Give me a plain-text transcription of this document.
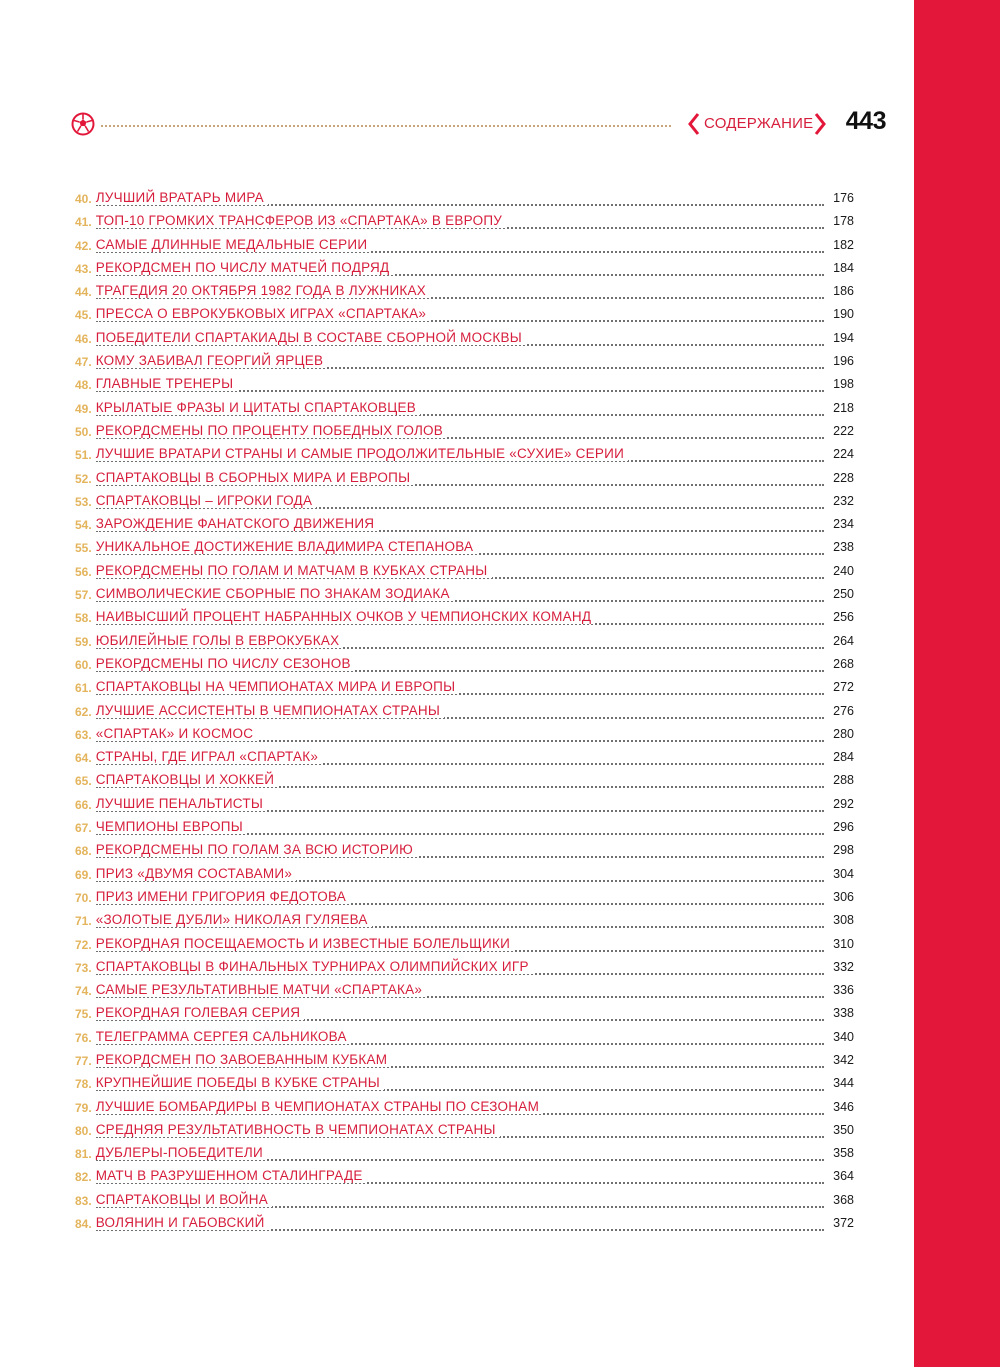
СОДЕРЖАНИЕ 443
40. ЛУЧШИЙ ВРАТАРЬ МИРА	176
41. ТОП-10 ГРОМКИХ ТРАНСФЕРОВ ИЗ «СПАРТАКА» В ЕВРОПУ	178
42. САМЫЕ ДЛИННЫЕ МЕДАЛЬНЫЕ СЕРИИ	182
43. РЕКОРДСМЕН ПО ЧИСЛУ МАТЧЕЙ ПОДРЯД	184
44. ТРАГЕДИЯ 20 ОКТЯБРЯ 1982 ГОДА В ЛУЖНИКАХ	186
45. ПРЕССА О ЕВРОКУБКОВЫХ ИГРАХ «СПАРТАКА»	190
46. ПОБЕДИТЕЛИ СПАРТАКИАДЫ В СОСТАВЕ СБОРНОЙ МОСКВЫ	194
47. КОМУ ЗАБИВАЛ ГЕОРГИЙ ЯРЦЕВ	196
48. ГЛАВНЫЕ ТРЕНЕРЫ	198
49. КРЫЛАТЫЕ ФРАЗЫ И ЦИТАТЫ СПАРТАКОВЦЕВ	218
50. РЕКОРДСМЕНЫ ПО ПРОЦЕНТУ ПОБЕДНЫХ ГОЛОВ	222
51. ЛУЧШИЕ ВРАТАРИ СТРАНЫ И САМЫЕ ПРОДОЛЖИТЕЛЬНЫЕ «СУХИЕ» СЕРИИ	224
52. СПАРТАКОВЦЫ В СБОРНЫХ МИРА И ЕВРОПЫ	228
53. СПАРТАКОВЦЫ – ИГРОКИ ГОДА	232
54. ЗАРОЖДЕНИЕ ФАНАТСКОГО ДВИЖЕНИЯ	234
55. УНИКАЛЬНОЕ ДОСТИЖЕНИЕ ВЛАДИМИРА СТЕПАНОВА	238
56. РЕКОРДСМЕНЫ ПО ГОЛАМ И МАТЧАМ В КУБКАХ СТРАНЫ	240
57. СИМВОЛИЧЕСКИЕ СБОРНЫЕ ПО ЗНАКАМ ЗОДИАКА	250
58. НАИВЫСШИЙ ПРОЦЕНТ НАБРАННЫХ ОЧКОВ У ЧЕМПИОНСКИХ КОМАНД	256
59. ЮБИЛЕЙНЫЕ ГОЛЫ В ЕВРОКУБКАХ	264
60. РЕКОРДСМЕНЫ ПО ЧИСЛУ СЕЗОНОВ	268
61. СПАРТАКОВЦЫ НА ЧЕМПИОНАТАХ МИРА И ЕВРОПЫ	272
62. ЛУЧШИЕ АССИСТЕНТЫ В ЧЕМПИОНАТАХ СТРАНЫ	276
63. «СПАРТАК» И КОСМОС	280
64. СТРАНЫ, ГДЕ ИГРАЛ «СПАРТАК»	284
65. СПАРТАКОВЦЫ И ХОККЕЙ	288
66. ЛУЧШИЕ ПЕНАЛЬТИСТЫ	292
67. ЧЕМПИОНЫ ЕВРОПЫ	296
68. РЕКОРДСМЕНЫ ПО ГОЛАМ ЗА ВСЮ ИСТОРИЮ	298
69. ПРИЗ «ДВУМЯ СОСТАВАМИ»	304
70. ПРИЗ ИМЕНИ ГРИГОРИЯ ФЕДОТОВА	306
71. «ЗОЛОТЫЕ ДУБЛИ» НИКОЛАЯ ГУЛЯЕВА	308
72. РЕКОРДНАЯ ПОСЕЩАЕМОСТЬ И ИЗВЕСТНЫЕ БОЛЕЛЬЩИКИ	310
73. СПАРТАКОВЦЫ В ФИНАЛЬНЫХ ТУРНИРАХ ОЛИМПИЙСКИХ ИГР	332
74. САМЫЕ РЕЗУЛЬТАТИВНЫЕ МАТЧИ «СПАРТАКА»	336
75. РЕКОРДНАЯ ГОЛЕВАЯ СЕРИЯ	338
76. ТЕЛЕГРАММА СЕРГЕЯ САЛЬНИКОВА	340
77. РЕКОРДСМЕН ПО ЗАВОЕВАННЫМ КУБКАМ	342
78. КРУПНЕЙШИЕ ПОБЕДЫ В КУБКЕ СТРАНЫ	344
79. ЛУЧШИЕ БОМБАРДИРЫ В ЧЕМПИОНАТАХ СТРАНЫ ПО СЕЗОНАМ	346
80. СРЕДНЯЯ РЕЗУЛЬТАТИВНОСТЬ В ЧЕМПИОНАТАХ СТРАНЫ	350
81. ДУБЛЕРЫ-ПОБЕДИТЕЛИ	358
82. МАТЧ В РАЗРУШЕННОМ СТАЛИНГРАДЕ	364
83. СПАРТАКОВЦЫ И ВОЙНА	368
84. ВОЛЯНИН И ГАБОВСКИЙ	372
